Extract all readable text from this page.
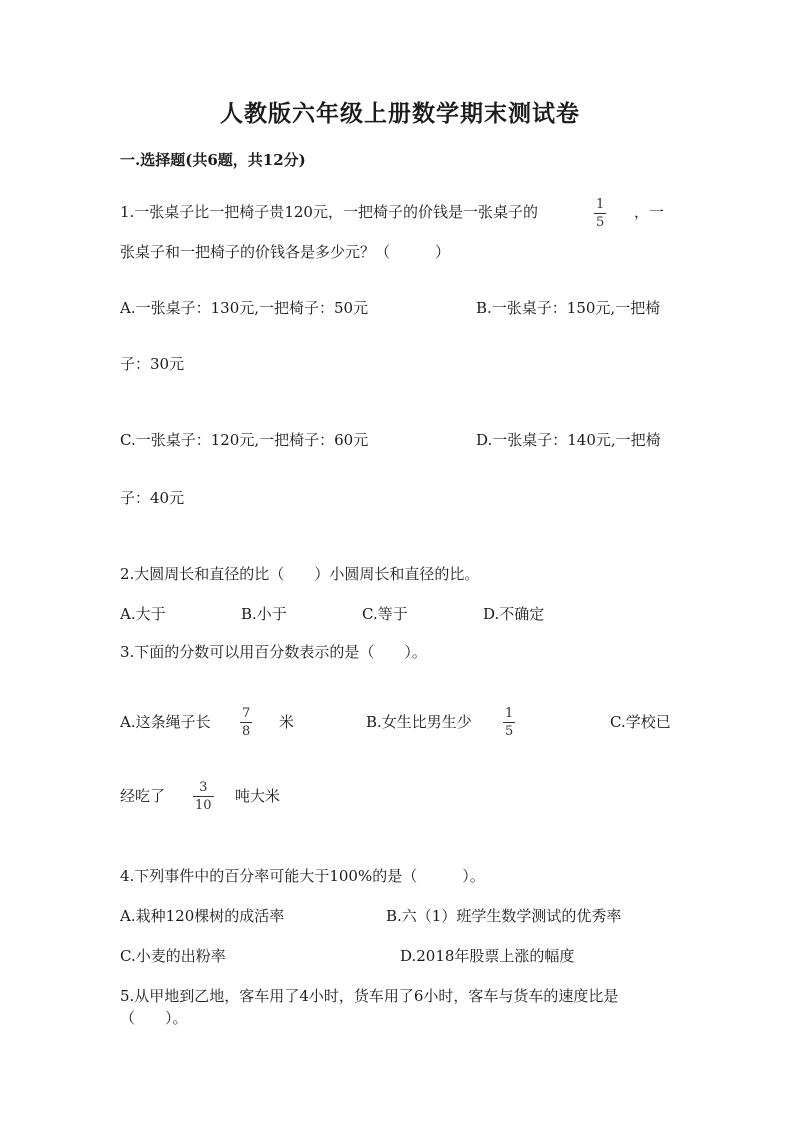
人教版六年级上册数学期末测试卷
一.选择题(共6题，共12分)
1.一张桌子比一把椅子贵120元，一把椅子的价钱是一张桌子的	1
5
，一
张桌子和一把椅子的价钱各是多少元？（　　　）
A.一张桌子：130元,一把椅子：50元	B.一张桌子：150元,一把椅
子：30元
C.一张桌子：120元,一把椅子：60元	D.一张桌子：140元,一把椅
子：40元
2.大圆周长和直径的比（　　）小圆周长和直径的比。
A.大于	B.小于	C.等于	D.不确定
3.下面的分数可以用百分数表示的是（　　）。
A.这条绳子长 7
8
米	B.女生比男生少	1
5
C.学校已
经吃了	3
10
吨大米
4.下列事件中的百分率可能大于100%的是（　　　）。
A.栽种120棵树的成活率	B.六（1）班学生数学测试的优秀率
C.小麦的出粉率	D.2018年股票上涨的幅度
5.从甲地到乙地，客车用了4小时，货车用了6小时，客车与货车的速度比是
（　　）。
